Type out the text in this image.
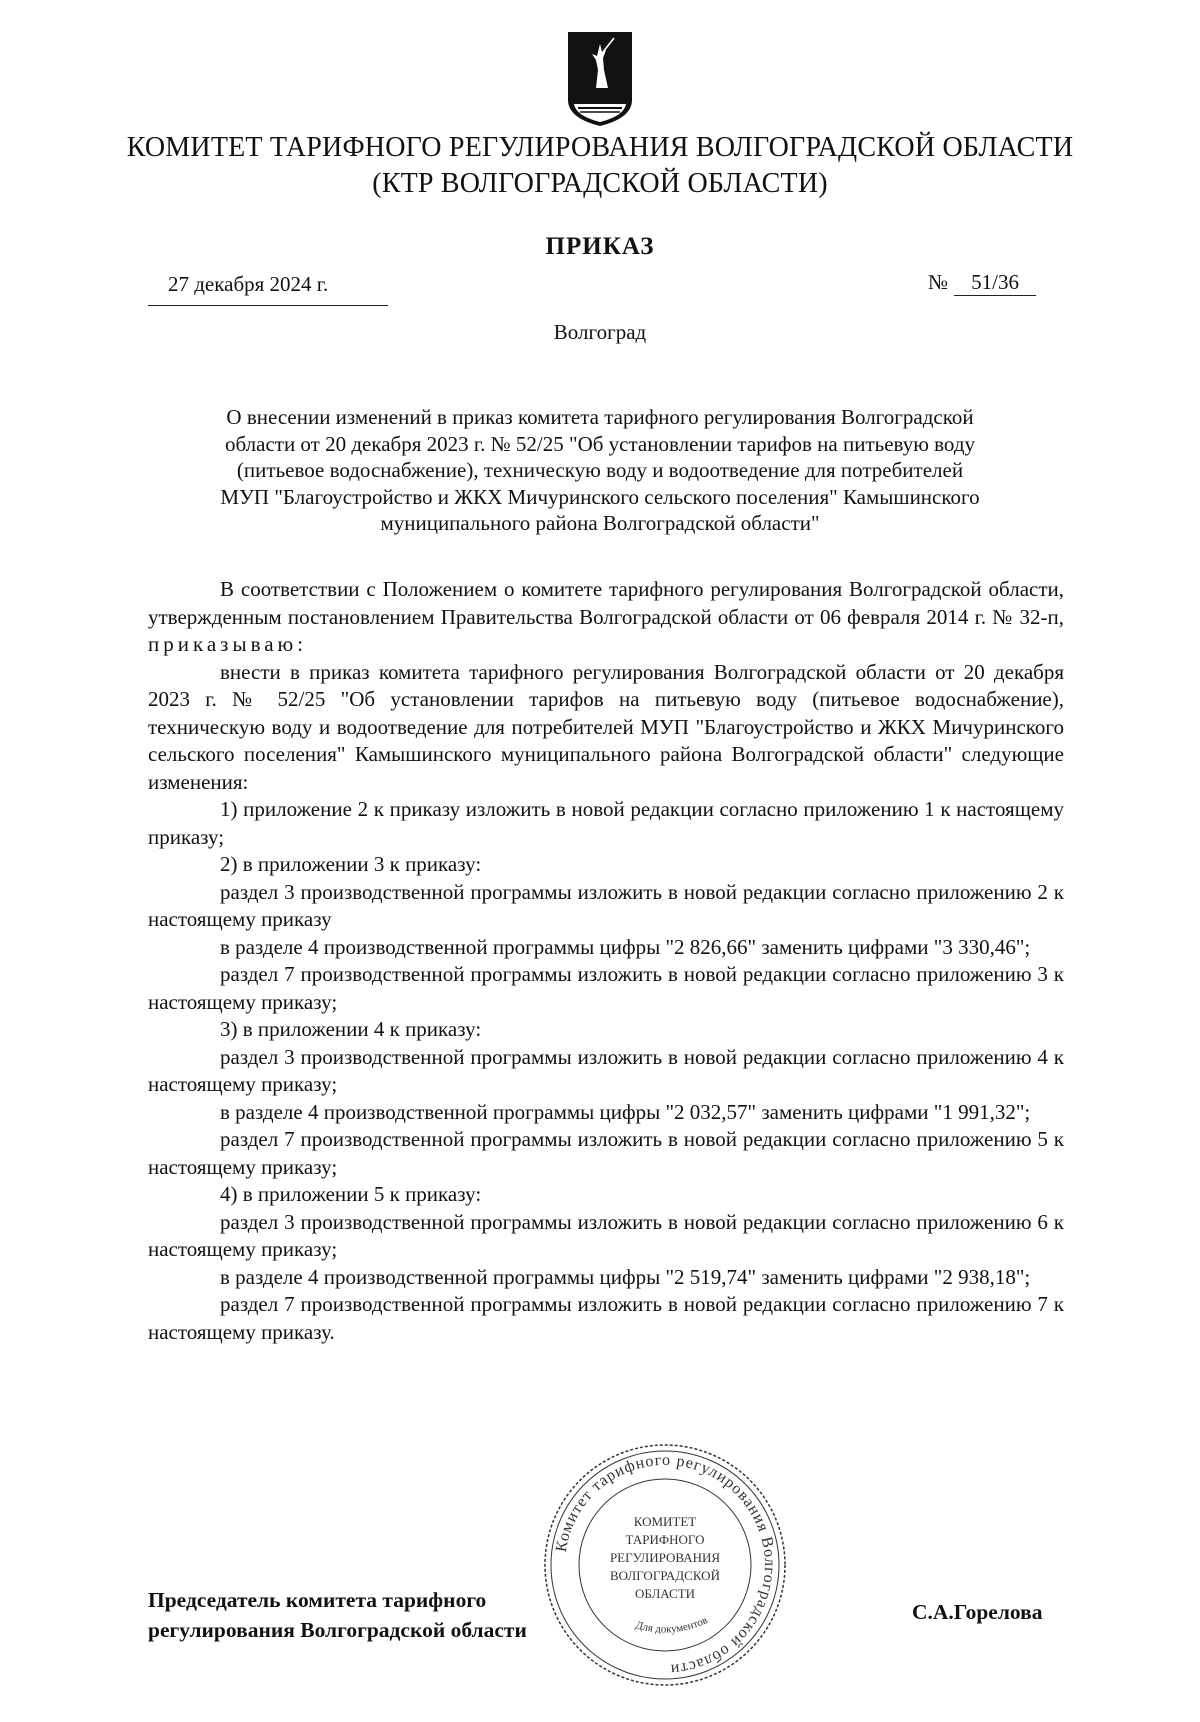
КОМИТЕТ ТАРИФНОГО РЕГУЛИРОВАНИЯ ВОЛГОГРАДСКОЙ ОБЛАСТИ
(КТР ВОЛГОГРАДСКОЙ ОБЛАСТИ)
ПРИКАЗ
27 декабря 2024 г.	№ 51/36
Волгоград
О внесении изменений в приказ комитета тарифного регулирования Волгоградской
области от 20 декабря 2023 г. № 52/25 "Об установлении тарифов на питьевую воду
(питьевое водоснабжение), техническую воду и водоотведение для потребителей
МУП "Благоустройство и ЖКХ Мичуринского сельского поселения" Камышинского
муниципального района Волгоградской области"

В соответствии с Положением о комитете тарифного регулирования Волгоградской области, утвержденным постановлением Правительства Волгоградской области от 06 февраля 2014 г. № 32-п, приказываю:

внести в приказ комитета тарифного регулирования Волгоградской области от 20 декабря 2023 г. № 52/25 "Об установлении тарифов на питьевую воду (питьевое водоснабжение), техническую воду и водоотведение для потребителей МУП "Благоустройство и ЖКХ Мичуринского сельского поселения" Камышинского муниципального района Волгоградской области" следующие изменения:

1) приложение 2 к приказу изложить в новой редакции согласно приложению 1 к настоящему приказу;

2) в приложении 3 к приказу:

раздел 3 производственной программы изложить в новой редакции согласно приложению 2 к настоящему приказу

в разделе 4 производственной программы цифры "2 826,66" заменить цифрами "3 330,46";

раздел 7 производственной программы изложить в новой редакции согласно приложению 3 к настоящему приказу;

3) в приложении 4 к приказу:

раздел 3 производственной программы изложить в новой редакции согласно приложению 4 к настоящему приказу;

в разделе 4 производственной программы цифры "2 032,57" заменить цифрами "1 991,32";

раздел 7 производственной программы изложить в новой редакции согласно приложению 5 к настоящему приказу;

4) в приложении 5 к приказу:

раздел 3 производственной программы изложить в новой редакции согласно приложению 6 к настоящему приказу;

в разделе 4 производственной программы цифры "2 519,74" заменить цифрами "2 938,18";

раздел 7 производственной программы изложить в новой редакции согласно приложению 7 к настоящему приказу.

Комитет тарифного регулирования Волгоградской области
КОМИТЕТ
ТАРИФНОГО
РЕГУЛИРОВАНИЯ
ВОЛГОГРАДСКОЙ
ОБЛАСТИ
Для документов
Председатель комитета тарифного
регулирования Волгоградской области
С.А.Горелова
